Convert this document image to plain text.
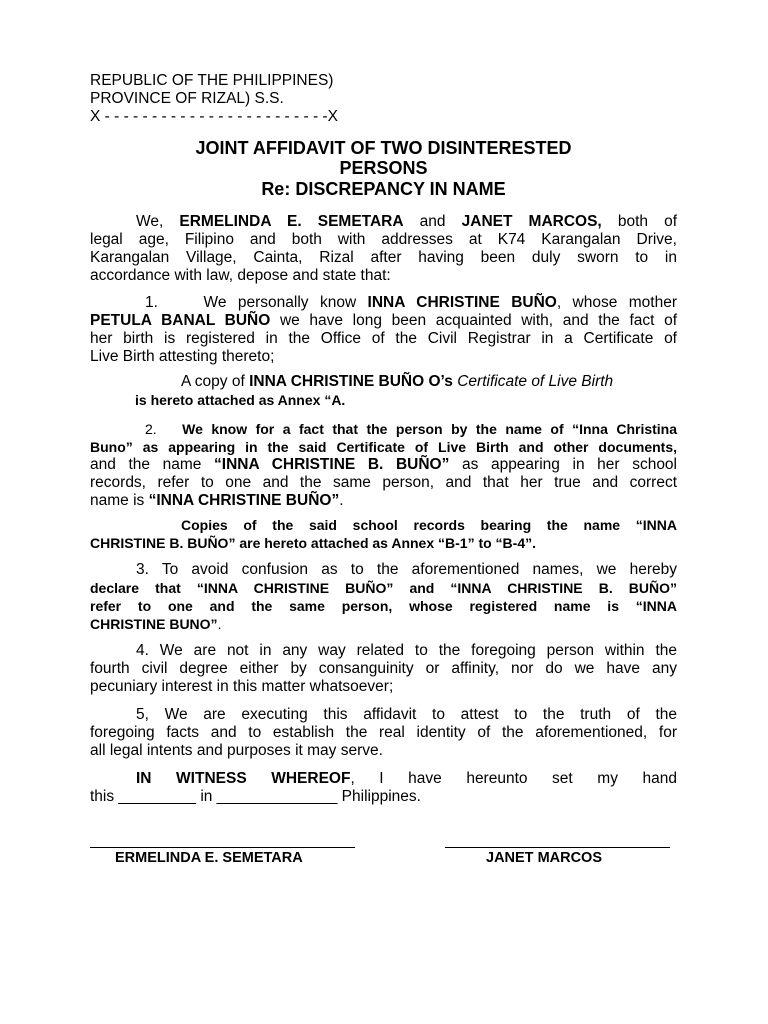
REPUBLIC OF THE PHILIPPINES)
PROVINCE OF RIZAL) S.S.
X - - - - - - - - - - - - - - - - - - - - - - - -X
JOINT AFFIDAVIT OF TWO DISINTERESTED
PERSONS
Re: DISCREPANCY IN NAME
We, ERMELINDA E. SEMETARA and JANET MARCOS, both of
legal age, Filipino and both with addresses at K74 Karangalan Drive,
Karangalan Village, Cainta, Rizal after having been duly sworn to in
accordance with law, depose and state that:
1.    We personally know INNA CHRISTINE BUÑO, whose mother
PETULA BANAL BUÑO we have long been acquainted with, and the fact of
her birth is registered in the Office of the Civil Registrar in a Certificate of
Live Birth attesting thereto;
A copy of INNA CHRISTINE BUÑO O’s Certificate of Live Birth
is hereto attached as Annex “A.
2. We know for a fact that the person by the name of “Inna Christina
Buno” as appearing in the said Certificate of Live Birth and other documents,
and the name “INNA CHRISTINE B. BUÑO” as appearing in her school
records, refer to one and the same person, and that her true and correct
name is “INNA CHRISTINE BUÑO”.
Copies of the said school records bearing the name “INNA
CHRISTINE B. BUÑO” are hereto attached as Annex “B-1” to “B-4”.
3. To avoid confusion as to the aforementioned names, we hereby
declare that “INNA CHRISTINE BUÑO” and “INNA CHRISTINE B. BUÑO”
refer to one and the same person, whose registered name is “INNA
CHRISTINE BUNO”.
4. We are not in any way related to the foregoing person within the
fourth civil degree either by consanguinity or affinity, nor do we have any
pecuniary interest in this matter whatsoever;
5, We are executing this affidavit to attest to the truth of the
foregoing facts and to establish the real identity of the aforementioned, for
all legal intents and purposes it may serve.
IN WITNESS WHEREOF, I have hereunto set my hand
this _________ in ______________ Philippines.
ERMELINDA E. SEMETARA	JANET MARCOS
